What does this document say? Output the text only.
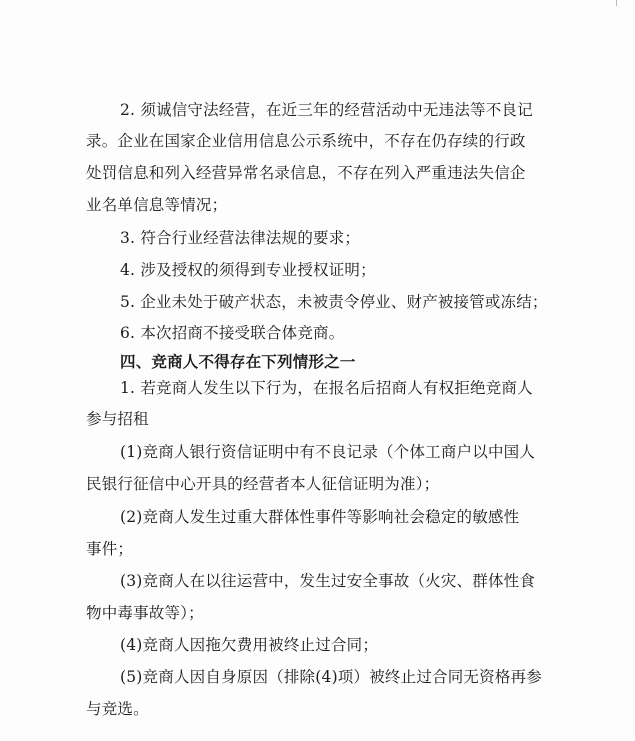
2. 须诚信守法经营，在近三年的经营活动中无违法等不良记
录。企业在国家企业信用信息公示系统中，不存在仍存续的行政
处罚信息和列入经营异常名录信息，不存在列入严重违法失信企
业名单信息等情况；
3. 符合行业经营法律法规的要求；
4. 涉及授权的须得到专业授权证明；
5. 企业未处于破产状态，未被责令停业、财产被接管或冻结；
6. 本次招商不接受联合体竞商。
四、竞商人不得存在下列情形之一
1. 若竞商人发生以下行为，在报名后招商人有权拒绝竞商人
参与招租
(1)竞商人银行资信证明中有不良记录（个体工商户以中国人
民银行征信中心开具的经营者本人征信证明为准）；
(2)竞商人发生过重大群体性事件等影响社会稳定的敏感性
事件；
(3)竞商人在以往运营中，发生过安全事故（火灾、群体性食
物中毒事故等）；
(4)竞商人因拖欠费用被终止过合同；
(5)竞商人因自身原因（排除(4)项）被终止过合同无资格再参
与竞选。
